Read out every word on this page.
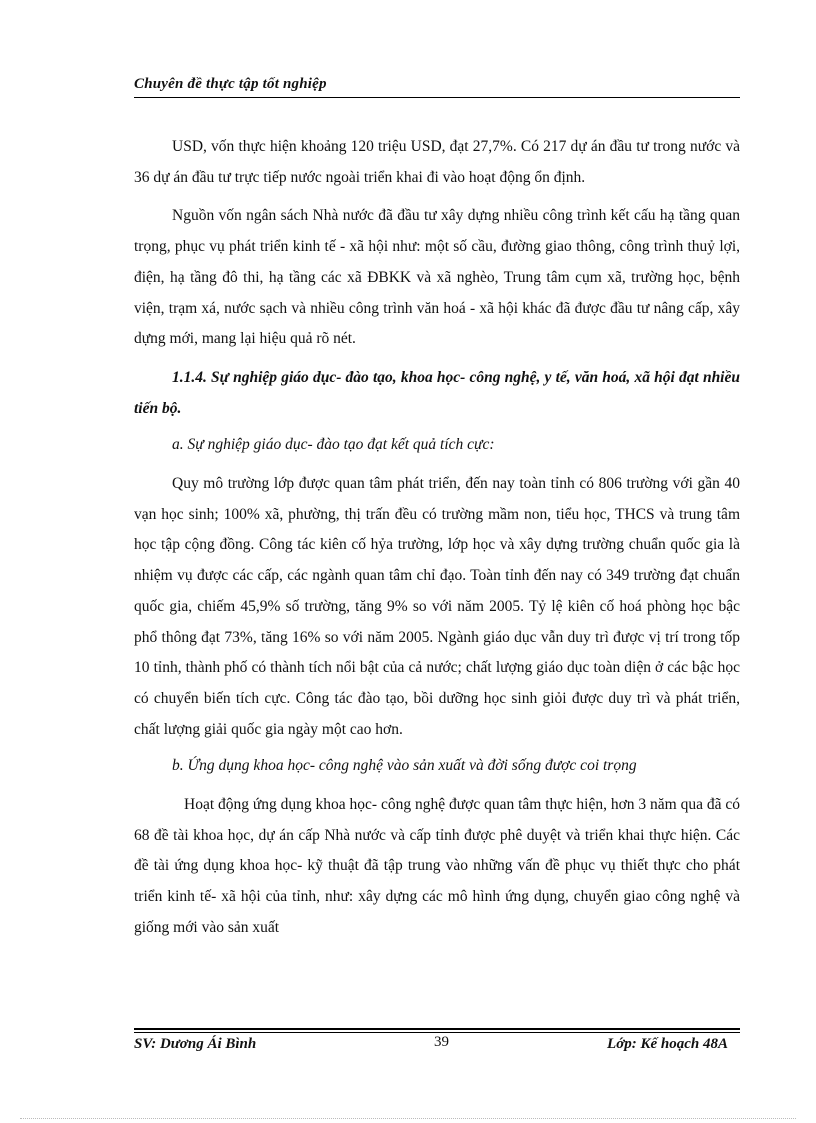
Chuyên đề thực tập tốt nghiệp

USD, vốn thực hiện khoảng 120 triệu USD, đạt 27,7%. Có 217 dự án đầu tư trong nước và 36 dự án đầu tư trực tiếp nước ngoài triển khai đi vào hoạt động ổn định.

Nguồn vốn ngân sách Nhà nước đã đầu tư xây dựng nhiều công trình kết cấu hạ tầng quan trọng, phục vụ phát triển kinh tế - xã hội như: một số cầu, đường giao thông, công trình thuỷ lợi, điện, hạ tầng đô thi, hạ tầng các xã ĐBKK và xã nghèo, Trung tâm cụm xã, trường học, bệnh viện, trạm xá, nước sạch và nhiều công trình văn hoá - xã hội khác đã được đầu tư nâng cấp, xây dựng mới, mang lại hiệu quả rõ nét.

1.1.4. Sự nghiệp giáo dục- đào tạo, khoa học- công nghệ, y tế, văn hoá, xã hội đạt nhiều tiến bộ.

a. Sự nghiệp giáo dục- đào tạo đạt kết quả tích cực:

Quy mô trường lớp được quan tâm phát triển, đến nay toàn tỉnh có 806 trường với gần 40 vạn học sinh; 100% xã, phường, thị trấn đều có trường mầm non, tiểu học, THCS và trung tâm học tập cộng đồng. Công tác kiên cố hỷa trường, lớp học và xây dựng trường chuẩn quốc gia là nhiệm vụ được các cấp, các ngành quan tâm chỉ đạo. Toàn tỉnh đến nay có 349 trường đạt chuẩn quốc gia, chiếm 45,9% số trường, tăng 9% so với năm 2005. Tỷ lệ kiên cố hoá phòng học bậc phổ thông đạt 73%, tăng 16% so với năm 2005. Ngành giáo dục vẫn duy trì được vị trí trong tốp 10 tỉnh, thành phố có thành tích nổi bật của cả nước; chất lượng giáo dục toàn diện ở các bậc học có chuyển biến tích cực. Công tác đào tạo, bồi dưỡng học sinh giỏi được duy trì và phát triển, chất lượng giải quốc gia ngày một cao hơn.

b. Ứng dụng khoa học- công nghệ vào sản xuất và đời sống được coi trọng

Hoạt động ứng dụng khoa học- công nghệ được quan tâm thực hiện, hơn 3 năm qua đã có 68 đề tài khoa học, dự án cấp Nhà nước và cấp tỉnh được phê duyệt và triển khai thực hiện. Các đề tài ứng dụng khoa học- kỹ thuật đã tập trung vào những vấn đề phục vụ thiết thực cho phát triển kinh tế- xã hội của tỉnh, như: xây dựng các mô hình ứng dụng, chuyển giao công nghệ và giống mới vào sản xuất

SV: Dương Ái Bình	39	Lớp: Kế hoạch 48A
